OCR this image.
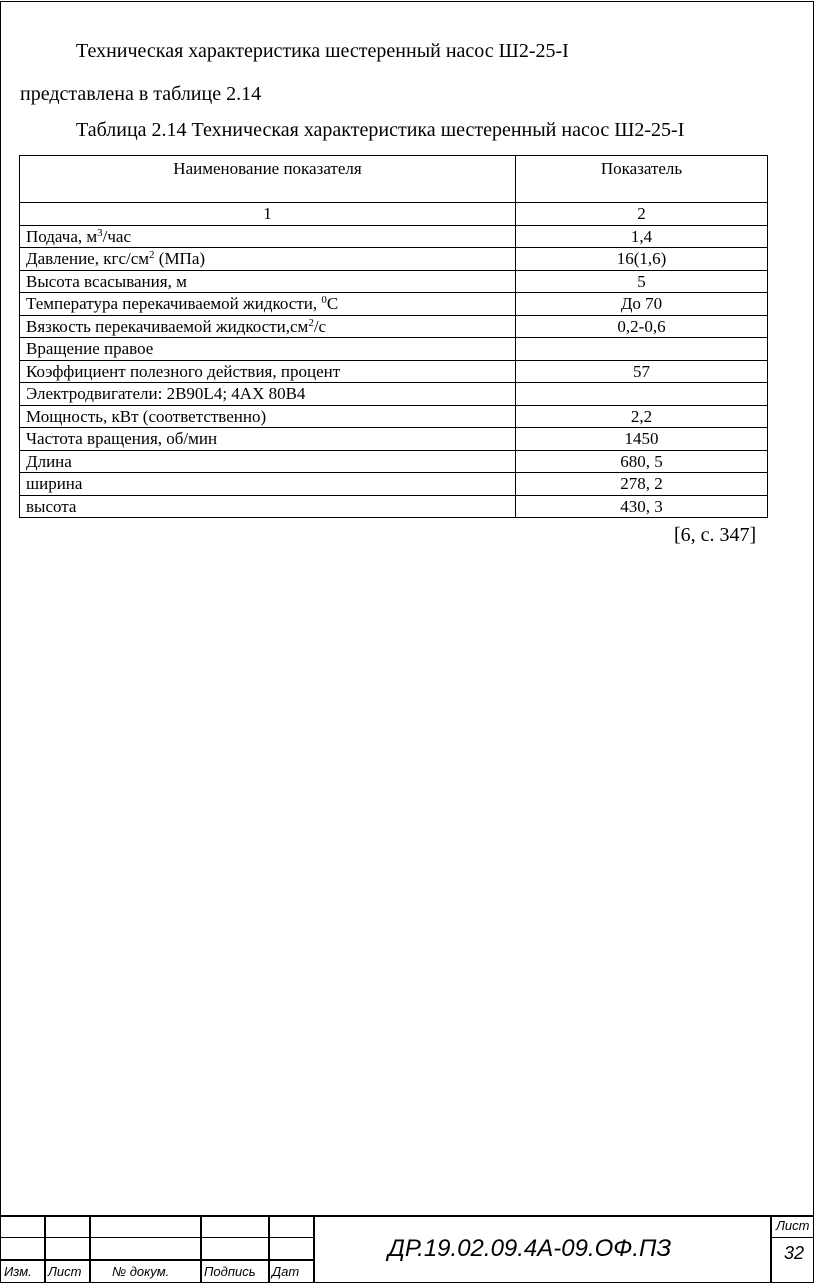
Техническая характеристика шестеренный насос Ш2-25-I
представлена в таблице 2.14
Таблица 2.14 Техническая характеристика шестеренный насос Ш2-25-I
Наименование показателя	Показатель
1	2
Подача, $м^3$/час	1,4
Давление, кгс/$см^2$ (МПа)	16(1,6)
Высота всасывания, м	5
Температура перекачиваемой жидкости, $^0$С	До 70
Вязкость перекачиваемой $жидкости,см^2/с$	0,2-0,6
Вращение правое	
Коэффициент полезного действия, процент	57
Электродвигатели: 2В90L4; 4АХ 80В4	
Мощность, кВт (соответственно)	2,2
Частота вращения, об/мин	1450
Длина	680, 5
ширина	278, 2
высота	430, 3
[6, с. 347]
Изм. Лист № докум.	Подпись Дат
ДР.19.02.09.4А-09.ОФ.ПЗ
Лист
32
